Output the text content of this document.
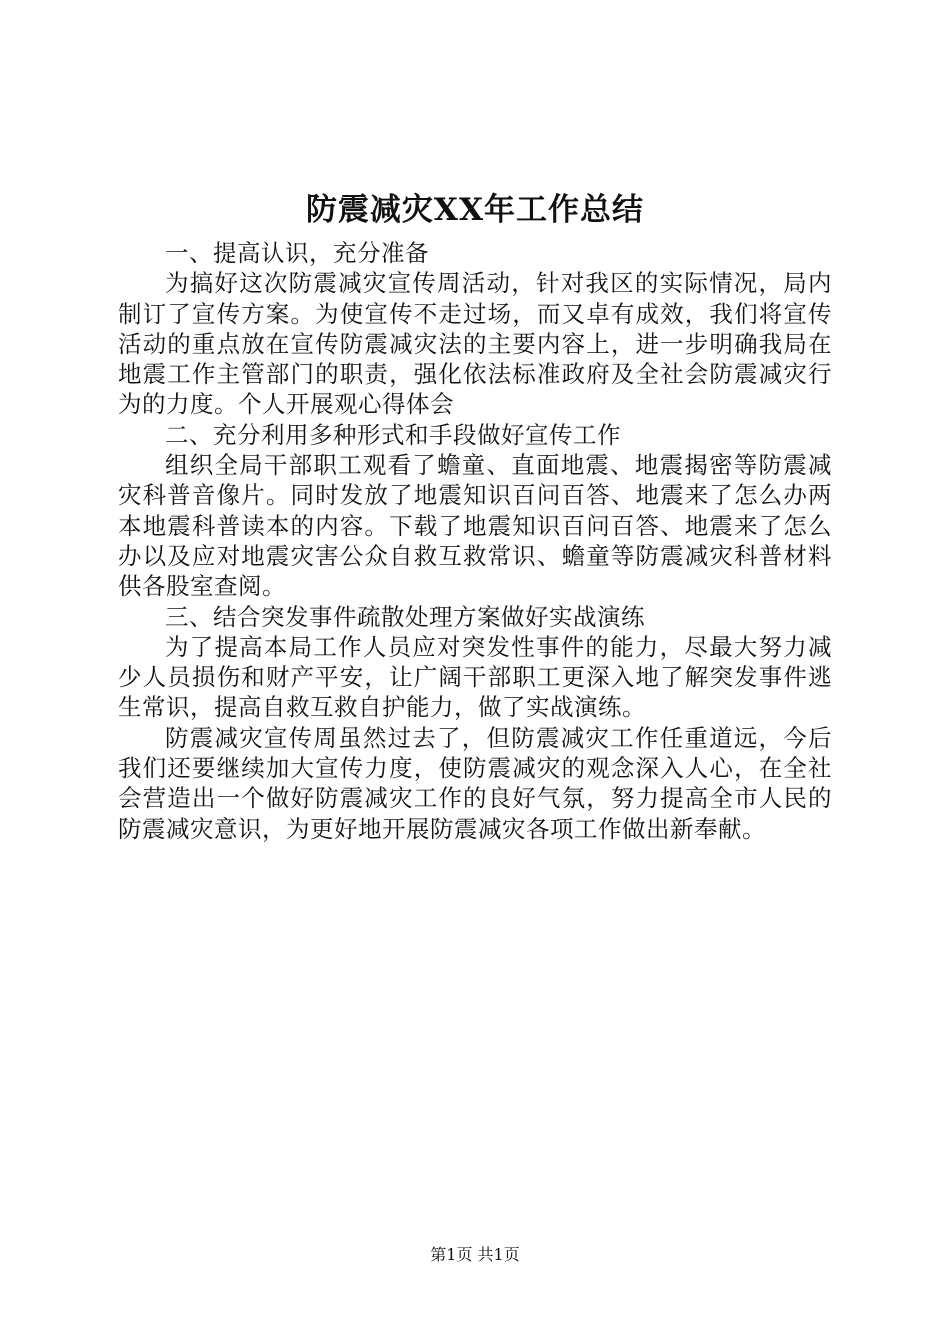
防震减灾XX年工作总结

一、提高认识，充分准备

为搞好这次防震减灾宣传周活动，针对我区的实际情况，局内制订了宣传方案。为使宣传不走过场，而又卓有成效，我们将宣传活动的重点放在宣传防震减灾法的主要内容上，进一步明确我局在地震工作主管部门的职责，强化依法标准政府及全社会防震减灾行为的力度。个人开展观心得体会

二、充分利用多种形式和手段做好宣传工作

组织全局干部职工观看了蟾童、直面地震、地震揭密等防震减灾科普音像片。同时发放了地震知识百问百答、地震来了怎么办两本地震科普读本的内容。下载了地震知识百问百答、地震来了怎么办以及应对地震灾害公众自救互救常识、蟾童等防震减灾科普材料供各股室查阅。

三、结合突发事件疏散处理方案做好实战演练

为了提高本局工作人员应对突发性事件的能力，尽最大努力减少人员损伤和财产平安，让广阔干部职工更深入地了解突发事件逃生常识，提高自救互救自护能力，做了实战演练。

防震减灾宣传周虽然过去了，但防震减灾工作任重道远，今后我们还要继续加大宣传力度，使防震减灾的观念深入人心，在全社会营造出一个做好防震减灾工作的良好气氛，努力提高全市人民的防震减灾意识，为更好地开展防震减灾各项工作做出新奉献。

第1页 共1页
